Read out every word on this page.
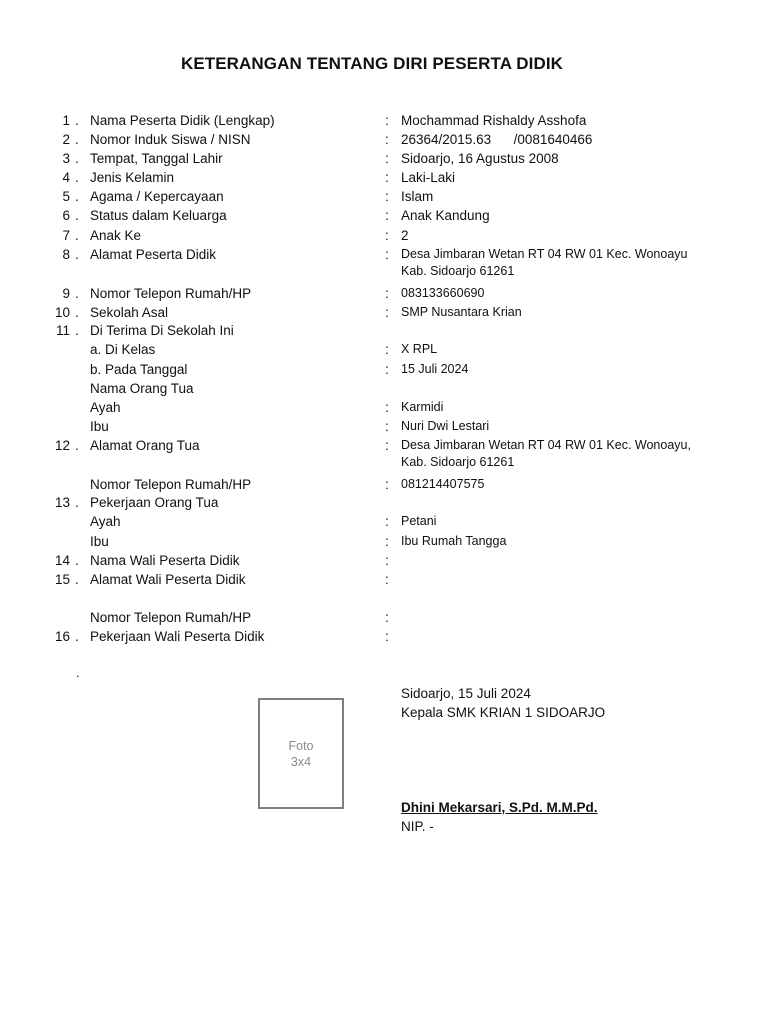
KETERANGAN TENTANG DIRI PESERTA DIDIK
1 . Nama Peserta Didik (Lengkap)	: Mochammad Rishaldy Asshofa
2 . Nomor Induk Siswa / NISN	: 26364/2015.63      /0081640466
3 . Tempat, Tanggal Lahir	: Sidoarjo, 16 Agustus 2008
4 . Jenis Kelamin	: Laki-Laki
5 . Agama / Kepercayaan	: Islam
6 . Status dalam Keluarga	: Anak Kandung
7 . Anak Ke	: 2
8 . Alamat Peserta Didik	: Desa Jimbaran Wetan RT 04 RW 01 Kec. Wonoayu
Kab. Sidoarjo 61261
9 . Nomor Telepon Rumah/HP	: 083133660690
10 . Sekolah Asal	: SMP Nusantara Krian
11 . Di Terima Di Sekolah Ini
a. Di Kelas	: X RPL
b. Pada Tanggal	: 15 Juli 2024
Nama Orang Tua
Ayah	: Karmidi
Ibu	: Nuri Dwi Lestari
12 . Alamat Orang Tua	: Desa Jimbaran Wetan RT 04 RW 01 Kec. Wonoayu,
Kab. Sidoarjo 61261
Nomor Telepon Rumah/HP	: 081214407575
13 . Pekerjaan Orang Tua
Ayah	: Petani
Ibu	: Ibu Rumah Tangga
14 . Nama Wali Peserta Didik	:
15 . Alamat Wali Peserta Didik	:
Nomor Telepon Rumah/HP	:
16 . Pekerjaan Wali Peserta Didik	:
.
Foto
3x4
Sidoarjo, 15 Juli 2024
Kepala SMK KRIAN 1 SIDOARJO
Dhini Mekarsari, S.Pd. M.M.Pd.
NIP. -
